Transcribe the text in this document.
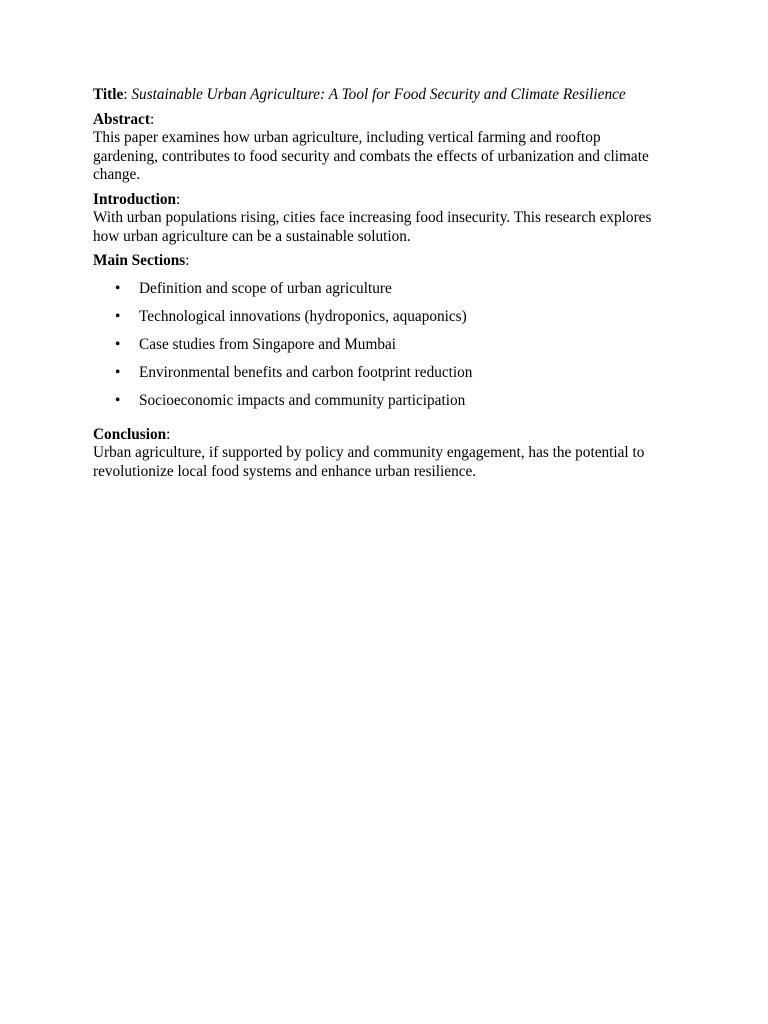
Title: Sustainable Urban Agriculture: A Tool for Food Security and Climate Resilience

Abstract:
This paper examines how urban agriculture, including vertical farming and rooftop
gardening, contributes to food security and combats the effects of urbanization and climate
change.

Introduction:
With urban populations rising, cities face increasing food insecurity. This research explores
how urban agriculture can be a sustainable solution.

Main Sections:
• Definition and scope of urban agriculture
• Technological innovations (hydroponics, aquaponics)
• Case studies from Singapore and Mumbai
• Environmental benefits and carbon footprint reduction
• Socioeconomic impacts and community participation

Conclusion:
Urban agriculture, if supported by policy and community engagement, has the potential to
revolutionize local food systems and enhance urban resilience.
